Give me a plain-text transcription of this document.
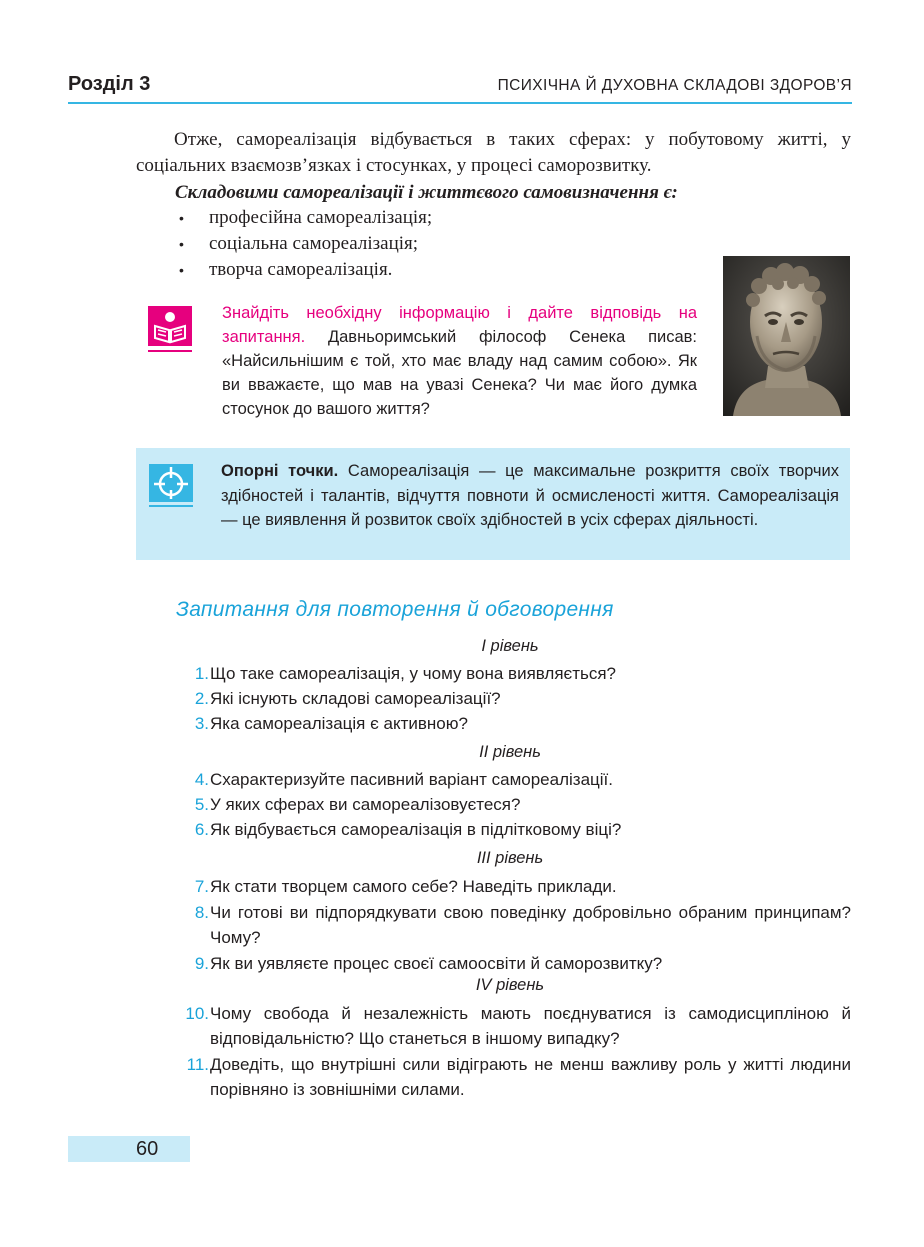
Розділ 3	ПСИХІЧНА Й ДУХОВНА СКЛАДОВІ ЗДОРОВ’Я

Отже, самореалізація відбувається в таких сферах: у побутовому житті, у соціальних взаємозв’язках і стосунках, у процесі саморозвитку.

Складовими самореалізації і життєвого самовизначення є:
• професійна самореалізація;
• соціальна самореалізація;
• творча самореалізація.

Знайдіть необхідну інформацію і дайте відповідь на запитання. Давньоримський філософ Сенека писав: «Найсильнішим є той, хто має владу над самим собою». Як ви вважаєте, що мав на увазі Сенека? Чи має його думка стосунок до вашого життя?

Опорні точки. Самореалізація — це максимальне розкриття своїх творчих здібностей і талантів, відчуття повноти й осмисленості життя. Самореалізація — це виявлення й розвиток своїх здібностей в усіх сферах діяльності.

Запитання для повторення й обговорення
I рівень
1. Що таке самореалізація, у чому вона виявляється?
2. Які існують складові самореалізації?
3. Яка самореалізація є активною?
II рівень
4. Схарактеризуйте пасивний варіант самореалізації.
5. У яких сферах ви самореалізовуєтеся?
6. Як відбувається самореалізація в підлітковому віці?
III рівень
7. Як стати творцем самого себе? Наведіть приклади.
8. Чи готові ви підпорядкувати свою поведінку добровільно обраним принципам? Чому?
9. Як ви уявляєте процес своєї самоосвіти й саморозвитку?
IV рівень
10. Чому свобода й незалежність мають поєднуватися із самодисципліною й відповідальністю? Що станеться в іншому випадку?
11. Доведіть, що внутрішні сили відіграють не менш важливу роль у житті людини порівняно із зовнішніми силами.
60
